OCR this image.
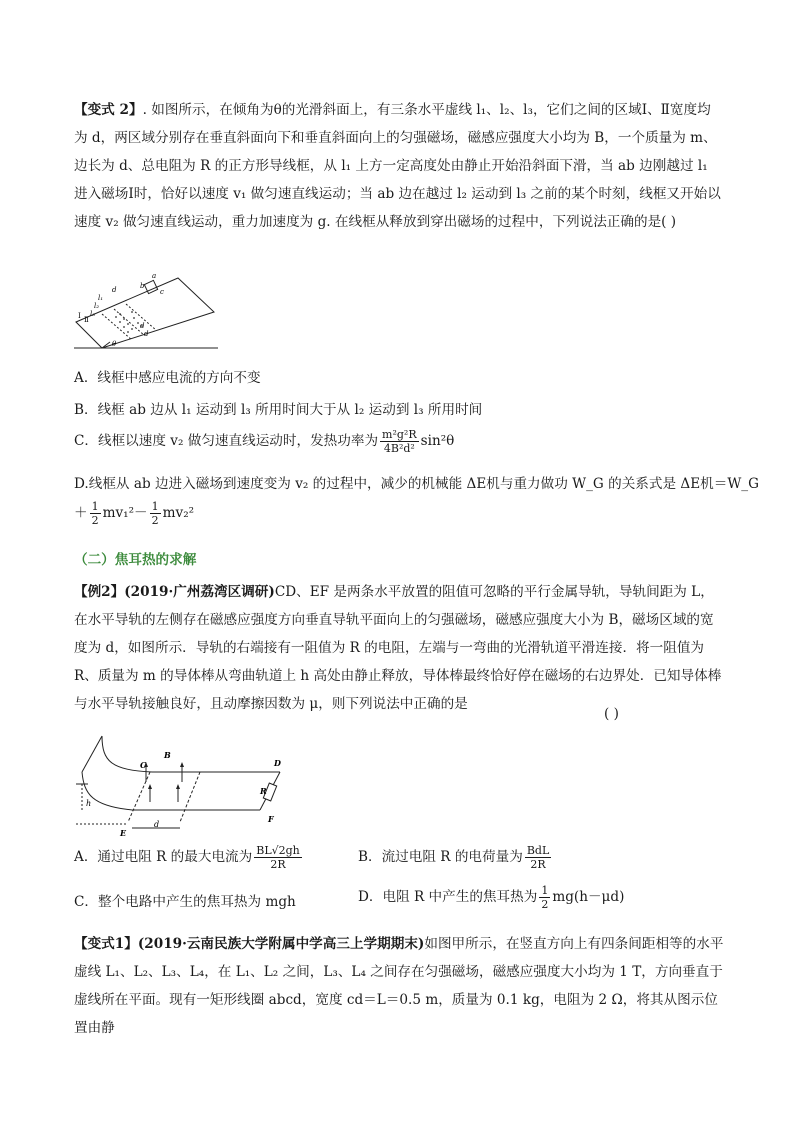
【变式 2】. 如图所示，在倾角为θ的光滑斜面上，有三条水平虚线 l₁、l₂、l₃，它们之间的区域Ⅰ、Ⅱ宽度均为 d，两区域分别存在垂直斜面向下和垂直斜面向上的匀强磁场，磁感应强度大小均为 B，一个质量为 m、边长为 d、总电阻为 R 的正方形导线框，从 l₁ 上方一定高度处由静止开始沿斜面下滑，当 ab 边刚越过 l₁ 进入磁场Ⅰ时，恰好以速度 v₁ 做匀速直线运动；当 ab 边在越过 l₂ 运动到 l₃ 之前的某个时刻，线框又开始以速度 v₂ 做匀速直线运动，重力加速度为 g. 在线框从释放到穿出磁场的过程中，下列说法正确的是( )
l₁
l₂
l₃
d
a
b
c
Ⅰ Ⅱ
d
d
θ
A．线框中感应电流的方向不变
B．线框 ab 边从 l₁ 运动到 l₃ 所用时间大于从 l₂ 运动到 l₃ 所用时间
C．线框以速度 v₂ 做匀速直线运动时，发热功率为 $\frac{\text{m²g²R}}{\text{4B²d²}} \sin^2\theta$
D.线框从 ab 边进入磁场到速度变为 v₂ 的过程中，减少的机械能 ΔE机与重力做功 W_G 的关系式是 ΔE机＝W_G
＋ $\frac{1}{2} mv_1^2- \frac{1}{2} mv_2^2$
（二）焦耳热的求解
【例2】(2019·广州荔湾区调研)CD、EF 是两条水平放置的阻值可忽略的平行金属导轨，导轨间距为 L，在水平导轨的左侧存在磁感应强度方向垂直导轨平面向上的匀强磁场，磁感应强度大小为 B，磁场区域的宽度为 d，如图所示．导轨的右端接有一阻值为 R 的电阻，左端与一弯曲的光滑轨道平滑连接．将一阻值为 R、质量为 m 的导体棒从弯曲轨道上 h 高处由静止释放，导体棒最终恰好停在磁场的右边界处．已知导体棒与水平导轨接触良好，且动摩擦因数为 μ，则下列说法中正确的是
( )
B
C	D
h
R
E
d
F
A．通过电阻 R 的最大电流为 $\frac{BL√2gh}{2R}$	B．流过电阻 R 的电荷量为 $\frac{\text{BdL}}{2R}$
C．整个电路中产生的焦耳热为 mgh	D．电阻 R 中产生的焦耳热为 $\frac{1}{2} mg(h-\mu d)$
【变式1】(2019·云南民族大学附属中学高三上学期期末)如图甲所示，在竖直方向上有四条间距相等的水平虚线 L₁、L₂、L₃、L₄，在 L₁、L₂ 之间，L₃、L₄ 之间存在匀强磁场，磁感应强度大小均为 1 T，方向垂直于虚线所在平面。现有一矩形线圈 abcd，宽度 cd＝L＝0.5 m，质量为 0.1 kg，电阻为 2 Ω，将其从图示位置由静
